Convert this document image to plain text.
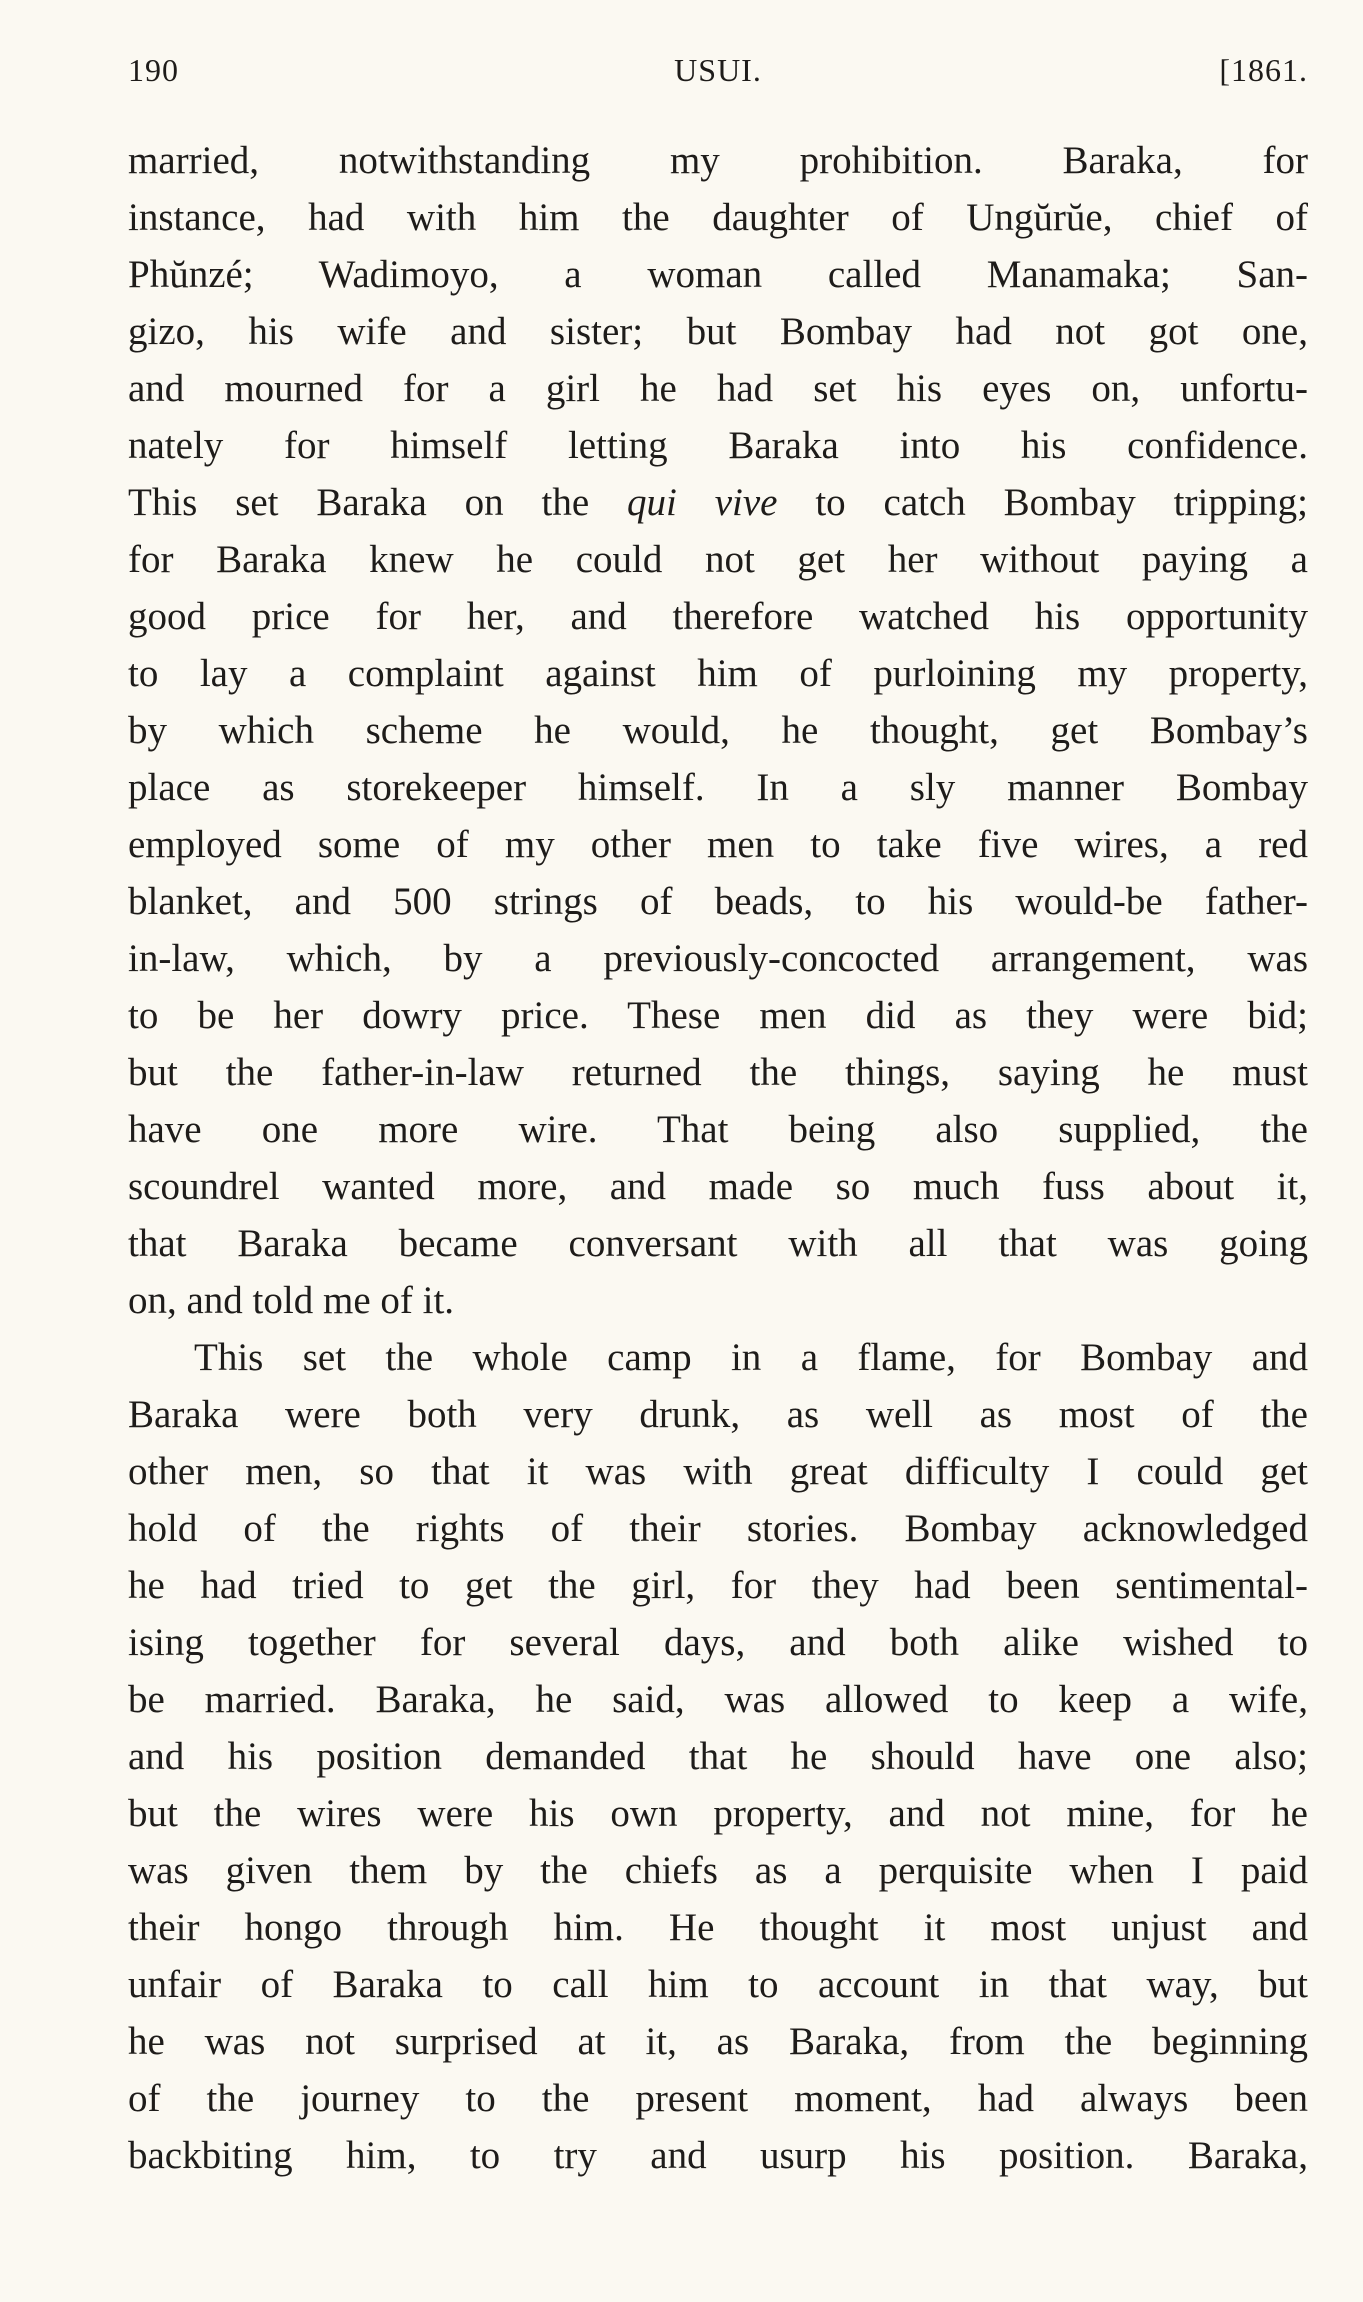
190	USUI.	[1861.
married, notwithstanding my prohibition. Baraka, for
instance, had with him the daughter of Ungŭrŭe, chief of
Phŭnzé; Wadimoyo, a woman called Manamaka; San-
gizo, his wife and sister; but Bombay had not got one,
and mourned for a girl he had set his eyes on, unfortu-
nately for himself letting Baraka into his confidence.
This set Baraka on the qui vive to catch Bombay tripping;
for Baraka knew he could not get her without paying a
good price for her, and therefore watched his opportunity
to lay a complaint against him of purloining my property,
by which scheme he would, he thought, get Bombay’s
place as storekeeper himself. In a sly manner Bombay
employed some of my other men to take five wires, a red
blanket, and 500 strings of beads, to his would-be father-
in-law, which, by a previously-concocted arrangement, was
to be her dowry price. These men did as they were bid;
but the father-in-law returned the things, saying he must
have one more wire. That being also supplied, the
scoundrel wanted more, and made so much fuss about it,
that Baraka became conversant with all that was going
on, and told me of it.
This set the whole camp in a flame, for Bombay and
Baraka were both very drunk, as well as most of the
other men, so that it was with great difficulty I could get
hold of the rights of their stories. Bombay acknowledged
he had tried to get the girl, for they had been sentimental-
ising together for several days, and both alike wished to
be married. Baraka, he said, was allowed to keep a wife,
and his position demanded that he should have one also;
but the wires were his own property, and not mine, for he
was given them by the chiefs as a perquisite when I paid
their hongo through him. He thought it most unjust and
unfair of Baraka to call him to account in that way, but
he was not surprised at it, as Baraka, from the beginning
of the journey to the present moment, had always been
backbiting him, to try and usurp his position. Baraka,
